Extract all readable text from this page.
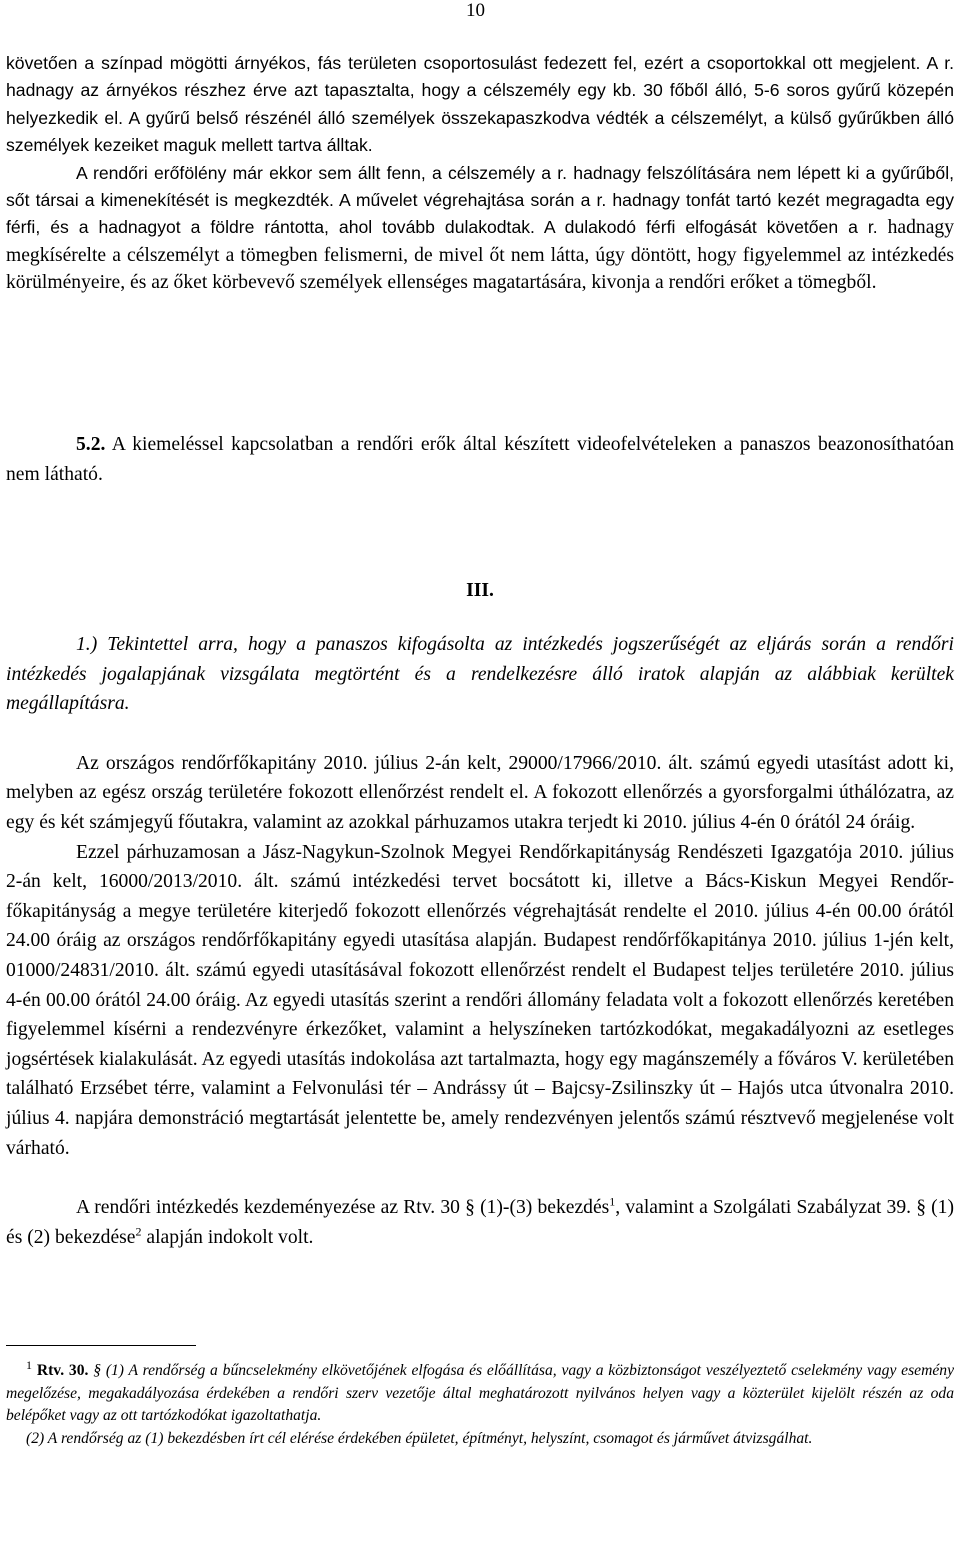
10

követően a színpad mögötti árnyékos, fás területen csoportosulást fedezett fel, ezért a csoportokkal ott megjelent. A r. hadnagy az árnyékos részhez érve azt tapasztalta, hogy a célszemély egy kb. 30 főből álló, 5-6 soros gyűrű közepén helyezkedik el. A gyűrű belső részénél álló személyek összekapaszkodva védték a célszemélyt, a külső gyűrűkben álló személyek kezeiket maguk mellett tartva álltak.

A rendőri erőfölény már ekkor sem állt fenn, a célszemély a r. hadnagy felszólítására nem lépett ki a gyűrűből, sőt társai a kimenekítését is megkezdték. A művelet végrehajtása során a r. hadnagy tonfát tartó kezét megragadta egy férfi, és a hadnagyot a földre rántotta, ahol tovább dulakodtak. A dulakodó férfi elfogását követően a r. hadnagy megkísérelte a célszemélyt a tömegben felismerni, de mivel őt nem látta, úgy döntött, hogy figyelemmel az intézkedés körülményeire, és az őket körbevevő személyek ellenséges magatartására, kivonja a rendőri erőket a tömegből.

5.2. A kiemeléssel kapcsolatban a rendőri erők által készített videofelvételeken a panaszos beazonosíthatóan nem látható.

III.

1.) Tekintettel arra, hogy a panaszos kifogásolta az intézkedés jogszerűségét az eljárás során a rendőri intézkedés jogalapjának vizsgálata megtörtént és a rendelkezésre álló iratok alapján az alábbiak kerültek megállapításra.

Az országos rendőrfőkapitány 2010. július 2-án kelt, 29000/17966/2010. ált. számú egyedi utasítást adott ki, melyben az egész ország területére fokozott ellenőrzést rendelt el. A fokozott ellenőrzés a gyorsforgalmi úthálózatra, az egy és két számjegyű főutakra, valamint az azokkal párhuzamos utakra terjedt ki 2010. július 4-én 0 órától 24 óráig.

Ezzel párhuzamosan a Jász-Nagykun-Szolnok Megyei Rendőrkapitányság Rendészeti Igazgatója 2010. július 2-án kelt, 16000/2013/2010. ált. számú intézkedési tervet bocsátott ki, illetve a Bács-Kiskun Megyei Rendőr-főkapitányság a megye területére kiterjedő fokozott ellenőrzés végrehajtását rendelte el 2010. július 4-én 00.00 órától 24.00 óráig az országos rendőrfőkapitány egyedi utasítása alapján. Budapest rendőrfőkapitánya 2010. július 1-jén kelt, 01000/24831/2010. ált. számú egyedi utasításával fokozott ellenőrzést rendelt el Budapest teljes területére 2010. július 4-én 00.00 órától 24.00 óráig. Az egyedi utasítás szerint a rendőri állomány feladata volt a fokozott ellenőrzés keretében figyelemmel kísérni a rendezvényre érkezőket, valamint a helyszíneken tartózkodókat, megakadályozni az esetleges jogsértések kialakulását. Az egyedi utasítás indokolása azt tartalmazta, hogy egy magánszemély a főváros V. kerületében található Erzsébet térre, valamint a Felvonulási tér – Andrássy út – Bajcsy-Zsilinszky út – Hajós utca útvonalra 2010. július 4. napjára demonstráció megtartását jelentette be, amely rendezvényen jelentős számú résztvevő megjelenése volt várható.

A rendőri intézkedés kezdeményezése az Rtv. 30 § (1)-(3) bekezdés$^1$, valamint a Szolgálati Szabályzat 39. § (1) és (2) bekezdése$^2$ alapján indokolt volt.

$^1$ Rtv. 30. § (1) A rendőrség a bűncselekmény elkövetőjének elfogása és előállítása, vagy a közbiztonságot veszélyeztető cselekmény vagy esemény megelőzése, megakadályozása érdekében a rendőri szerv vezetője által meghatározott nyilvános helyen vagy a közterület kijelölt részén az oda belépőket vagy az ott tartózkodókat igazoltathatja.

(2) A rendőrség az (1) bekezdésben írt cél elérése érdekében épületet, építményt, helyszínt, csomagot és járművet átvizsgálhat.
